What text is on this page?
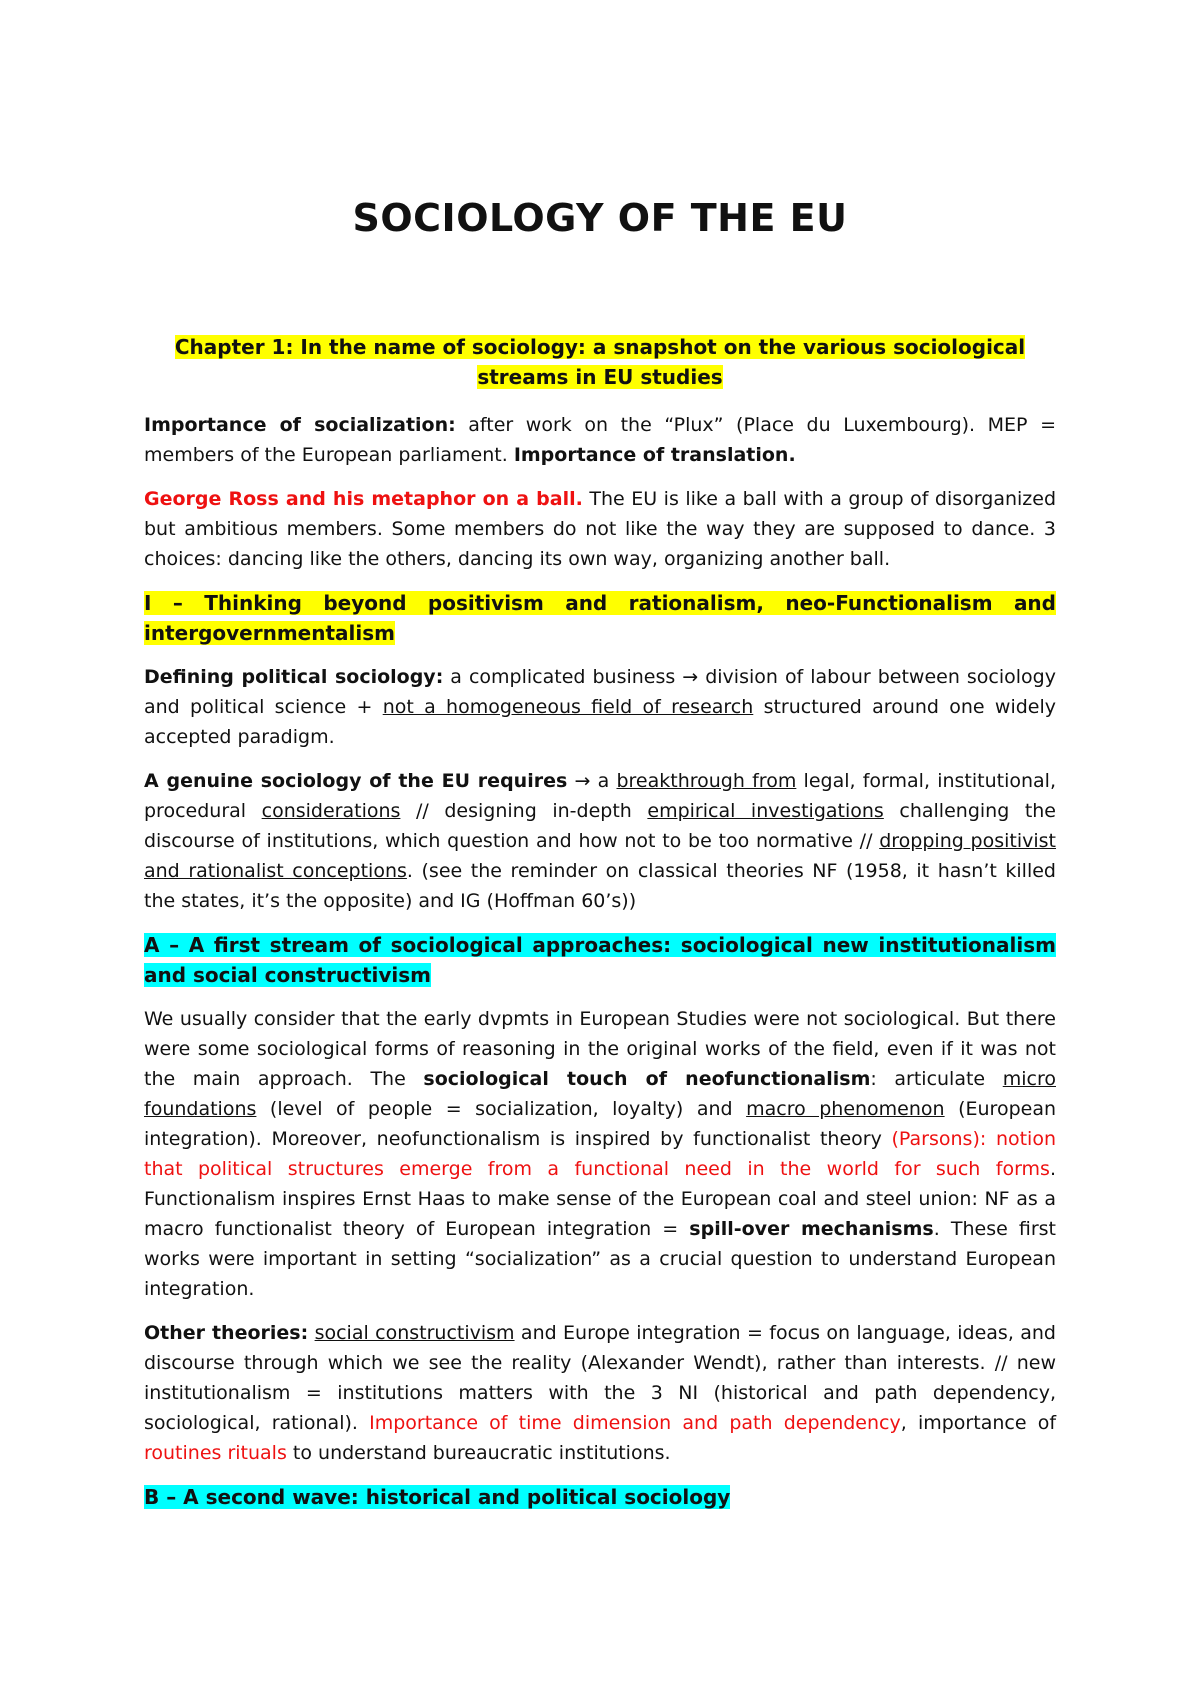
SOCIOLOGY OF THE EU
Chapter 1: In the name of sociology: a snapshot on the various sociological streams in EU studies

Importance of socialization: after work on the “Plux” (Place du Luxembourg). MEP = members of the European parliament. Importance of translation.

George Ross and his metaphor on a ball. The EU is like a ball with a group of disorganized but ambitious members. Some members do not like the way they are supposed to dance. 3 choices: dancing like the others, dancing its own way, organizing another ball.

I – Thinking beyond positivism and rationalism, neo-Functionalism and intergovernmentalism

Defining political sociology: a complicated business → division of labour between sociology and political science + not a homogeneous field of research structured around one widely accepted paradigm.

A genuine sociology of the EU requires → a breakthrough from legal, formal, institutional, procedural considerations // designing in-depth empirical investigations challenging the discourse of institutions, which question and how not to be too normative // dropping positivist and rationalist conceptions. (see the reminder on classical theories NF (1958, it hasn’t killed the states, it’s the opposite) and IG (Hoffman 60’s))

A – A first stream of sociological approaches: sociological new institutionalism and social constructivism

We usually consider that the early dvpmts in European Studies were not sociological. But there were some sociological forms of reasoning in the original works of the field, even if it was not the main approach. The sociological touch of neofunctionalism: articulate micro foundations (level of people = socialization, loyalty) and macro phenomenon (European integration). Moreover, neofunctionalism is inspired by functionalist theory (Parsons): notion that political structures emerge from a functional need in the world for such forms. Functionalism inspires Ernst Haas to make sense of the European coal and steel union: NF as a macro functionalist theory of European integration = spill-over mechanisms. These first works were important in setting “socialization” as a crucial question to understand European integration.

Other theories: social constructivism and Europe integration = focus on language, ideas, and discourse through which we see the reality (Alexander Wendt), rather than interests. // new institutionalism = institutions matters with the 3 NI (historical and path dependency, sociological, rational). Importance of time dimension and path dependency, importance of routines rituals to understand bureaucratic institutions.

B – A second wave: historical and political sociology
